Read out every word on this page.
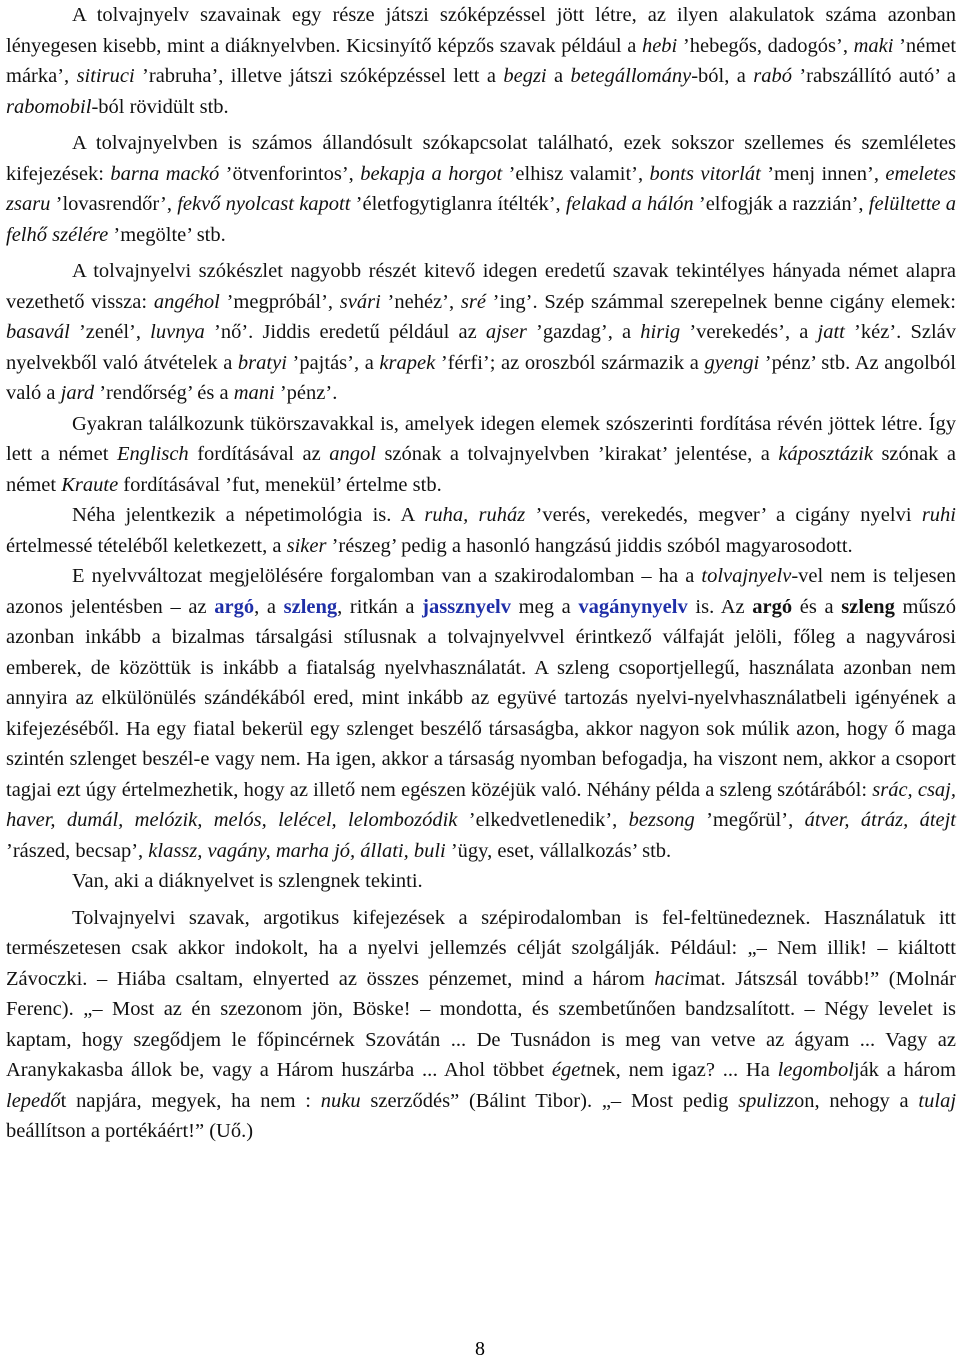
A tolvajnyelv szavainak egy része játszi szóképzéssel jött létre, az ilyen alakulatok száma azonban lényegesen kisebb, mint a diáknyelvben. Kicsinyítő képzős szavak például a hebi ’hebegős, dadogós’, maki ’német márka’, sitiruci ’rabruha’, illetve játszi szóképzéssel lett a begzi a betegállomány-ból, a rabó ’rabszállító autó’ a rabomobil-ból rövidült stb.

A tolvajnyelvben is számos állandósult szókapcsolat található, ezek sokszor szellemes és szemléletes kifejezések: barna mackó ’ötvenforintos’, bekapja a horgot ’elhisz valamit’, bonts vitorlát ’menj innen’, emeletes zsaru ’lovasrendőr’, fekvő nyolcast kapott ’életfogytiglanra ítélték’, felakad a hálón ’elfogják a razzián’, felültette a felhő szélére ’megölte’ stb.

A tolvajnyelvi szókészlet nagyobb részét kitevő idegen eredetű szavak tekintélyes hányada német alapra vezethető vissza: angéhol ’megpróbál’, svári ’nehéz’, sré ’ing’. Szép számmal szerepelnek benne cigány elemek: basavál ’zenél’, luvnya ’nő’. Jiddis eredetű például az ajser ’gazdag’, a hirig ’verekedés’, a jatt ’kéz’. Szláv nyelvekből való átvételek a bratyi ’pajtás’, a krapek ’férfi’; az oroszból származik a gyengi ’pénz’ stb. Az angolból való a jard ’rendőrség’ és a mani ’pénz’.

Gyakran találkozunk tükörszavakkal is, amelyek idegen elemek szószerinti fordítása révén jöttek létre. Így lett a német Englisch fordításával az angol szónak a tolvajnyelvben ’kirakat’ jelentése, a káposztázik szónak a német Kraute fordításával ’fut, menekül’ értelme stb.

Néha jelentkezik a népetimológia is. A ruha, ruház ’verés, verekedés, megver’ a cigány nyelvi ruhi értelmessé tételéből keletkezett, a siker ’részeg’ pedig a hasonló hangzású jiddis szóból magyarosodott.

E nyelvváltozat megjelölésére forgalomban van a szakirodalomban – ha a tolvajnyelv-vel nem is teljesen azonos jelentésben – az argó, a szleng, ritkán a jassznyelv meg a vagánynyelv is. Az argó és a szleng műszó azonban inkább a bizalmas társalgási stílusnak a tolvajnyelvvel érintkező válfaját jelöli, főleg a nagyvárosi emberek, de közöttük is inkább a fiatalság nyelvhasználatát. A szleng csoportjellegű, használata azonban nem annyira az elkülönülés szándékából ered, mint inkább az együvé tartozás nyelvi-nyelvhasználatbeli igényének a kifejezéséből. Ha egy fiatal bekerül egy szlenget beszélő társaságba, akkor nagyon sok múlik azon, hogy ő maga szintén szlenget beszél-e vagy nem. Ha igen, akkor a társaság nyomban befogadja, ha viszont nem, akkor a csoport tagjai ezt úgy értelmezhetik, hogy az illető nem egészen közéjük való. Néhány példa a szleng szótárából: srác, csaj, haver, dumál, melózik, melós, lelécel, lelombozódik ’elkedvetlenedik’, bezsong ’megőrül’, átver, átráz, átejt ’rászed, becsap’, klassz, vagány, marha jó, állati, buli ’ügy, eset, vállalkozás’ stb.

Van, aki a diáknyelvet is szlengnek tekinti.

Tolvajnyelvi szavak, argotikus kifejezések a szépirodalomban is fel-feltünedeznek. Használatuk itt természetesen csak akkor indokolt, ha a nyelvi jellemzés célját szolgálják. Például: „– Nem illik! – kiáltott Závoczki. – Hiába csaltam, elnyerted az összes pénzemet, mind a három hacimat. Játszsál tovább!” (Molnár Ferenc). „– Most az én szezonom jön, Böske! – mondotta, és szembetűnően bandzsalított. – Négy levelet is kaptam, hogy szegődjem le főpincérnek Szovátán ... De Tusnádon is meg van vetve az ágyam ... Vagy az Aranykakasba állok be, vagy a Három huszárba ... Ahol többet égetnek, nem igaz? ... Ha legombolják a három lepedőt napjára, megyek, ha nem : nuku szerződés” (Bálint Tibor). „– Most pedig spulizzon, nehogy a tulaj beállítson a portékáért!” (Uő.)

8
